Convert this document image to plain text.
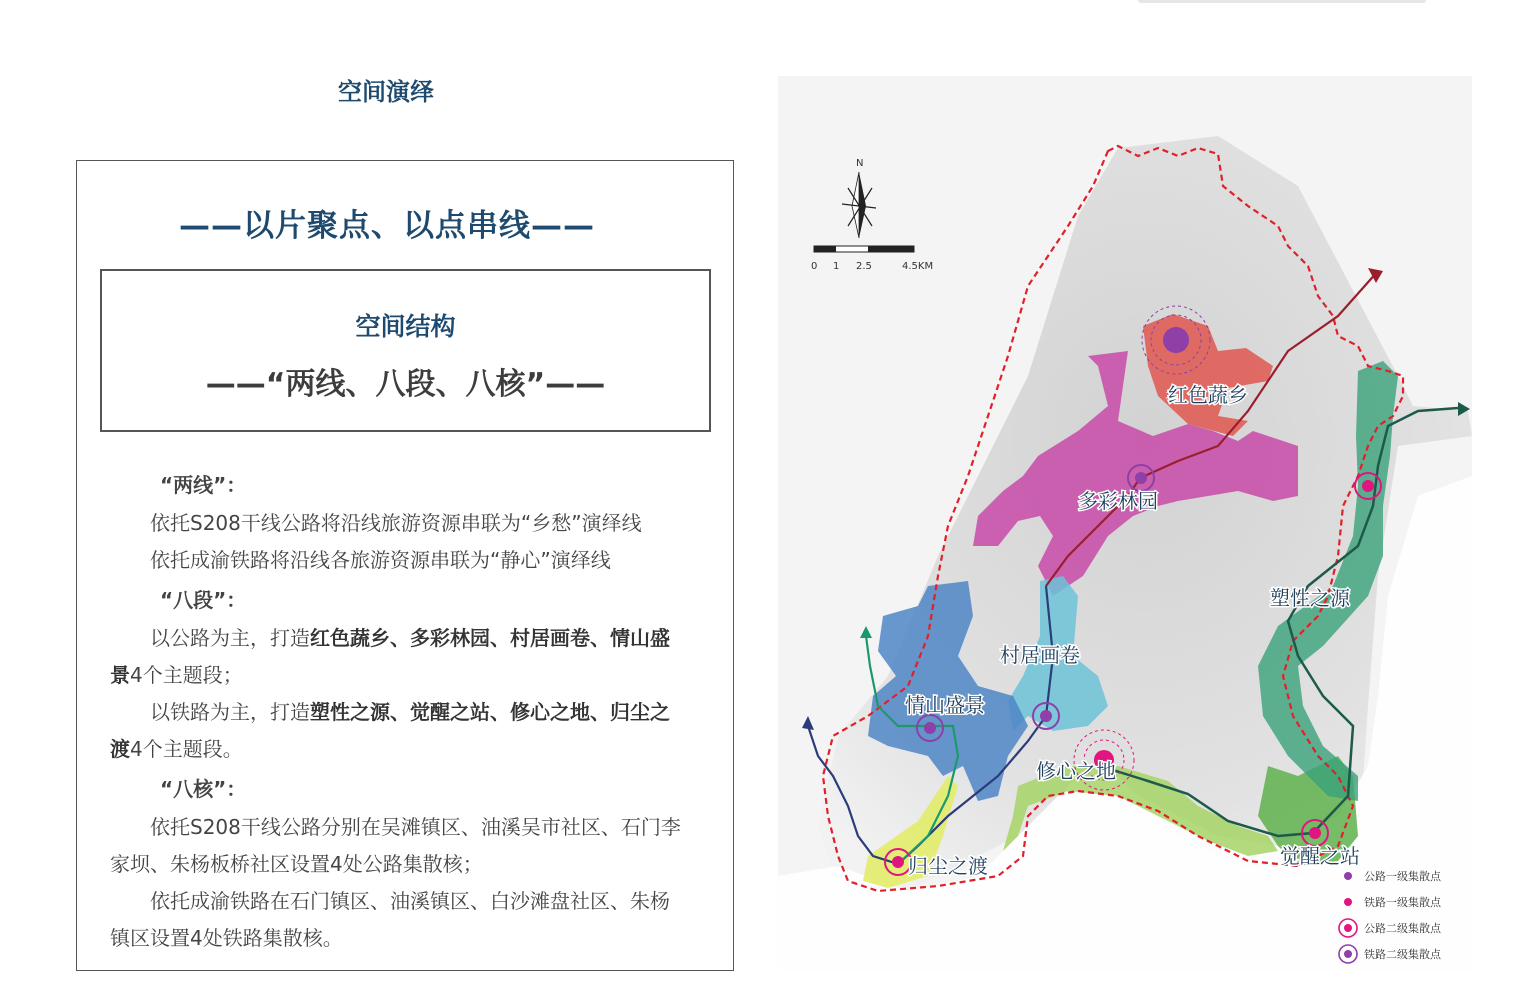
空间演绎
——以片聚点、以点串线——
空间结构
——“两线、八段、八核”——
“两线”：
依托S208干线公路将沿线旅游资源串联为“乡愁”演绎线
依托成渝铁路将沿线各旅游资源串联为“静心”演绎线
“八段”：
以公路为主，打造红色蔬乡、多彩林园、村居画卷、情山盛
景4个主题段；
以铁路为主，打造塑性之源、觉醒之站、修心之地、归尘之
渡4个主题段。
“八核”：
依托S208干线公路分别在吴滩镇区、油溪吴市社区、石门李
家坝、朱杨板桥社区设置4处公路集散核；
依托成渝铁路在石门镇区、油溪镇区、白沙滩盘社区、朱杨
镇区设置4处铁路集散核。
红色蔬乡
多彩林园
村居画卷
情山盛景
归尘之渡
修心之地
觉醒之站
塑性之源
N
0 1 2.5	4.5KM
公路一级集散点
铁路一级集散点
公路二级集散点
铁路二级集散点
